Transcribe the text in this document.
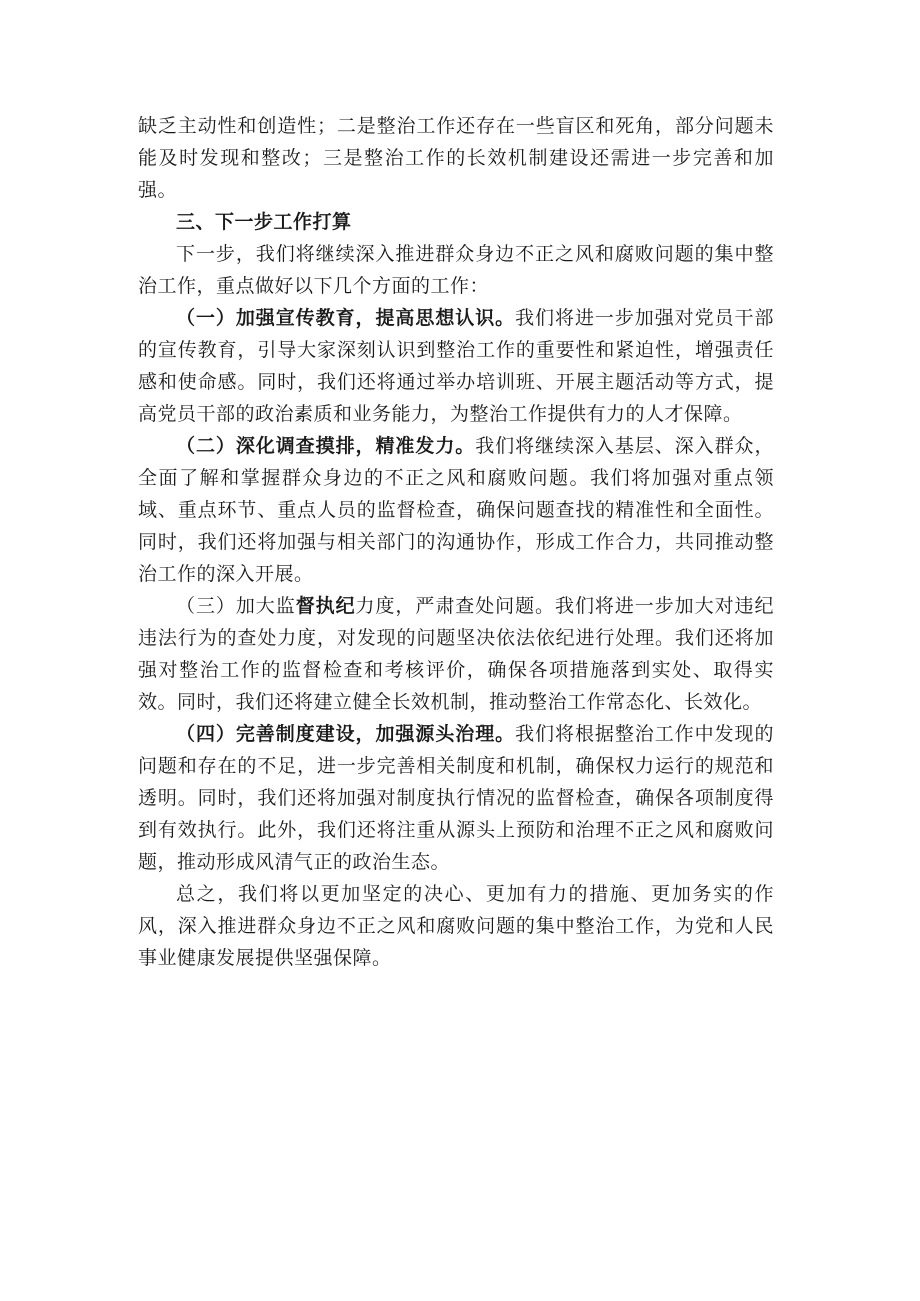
缺乏主动性和创造性；二是整治工作还存在一些盲区和死角，部分问题未能及时发现和整改；三是整治工作的长效机制建设还需进一步完善和加强。

三、下一步工作打算

下一步，我们将继续深入推进群众身边不正之风和腐败问题的集中整治工作，重点做好以下几个方面的工作：

（一）加强宣传教育，提高思想认识。我们将进一步加强对党员干部的宣传教育，引导大家深刻认识到整治工作的重要性和紧迫性，增强责任感和使命感。同时，我们还将通过举办培训班、开展主题活动等方式，提高党员干部的政治素质和业务能力，为整治工作提供有力的人才保障。

（二）深化调查摸排，精准发力。我们将继续深入基层、深入群众，全面了解和掌握群众身边的不正之风和腐败问题。我们将加强对重点领域、重点环节、重点人员的监督检查，确保问题查找的精准性和全面性。同时，我们还将加强与相关部门的沟通协作，形成工作合力，共同推动整治工作的深入开展。

（三）加大监督执纪力度，严肃查处问题。我们将进一步加大对违纪违法行为的查处力度，对发现的问题坚决依法依纪进行处理。我们还将加强对整治工作的监督检查和考核评价，确保各项措施落到实处、取得实效。同时，我们还将建立健全长效机制，推动整治工作常态化、长效化。

（四）完善制度建设，加强源头治理。我们将根据整治工作中发现的问题和存在的不足，进一步完善相关制度和机制，确保权力运行的规范和透明。同时，我们还将加强对制度执行情况的监督检查，确保各项制度得到有效执行。此外，我们还将注重从源头上预防和治理不正之风和腐败问题，推动形成风清气正的政治生态。

总之，我们将以更加坚定的决心、更加有力的措施、更加务实的作风，深入推进群众身边不正之风和腐败问题的集中整治工作，为党和人民事业健康发展提供坚强保障。
